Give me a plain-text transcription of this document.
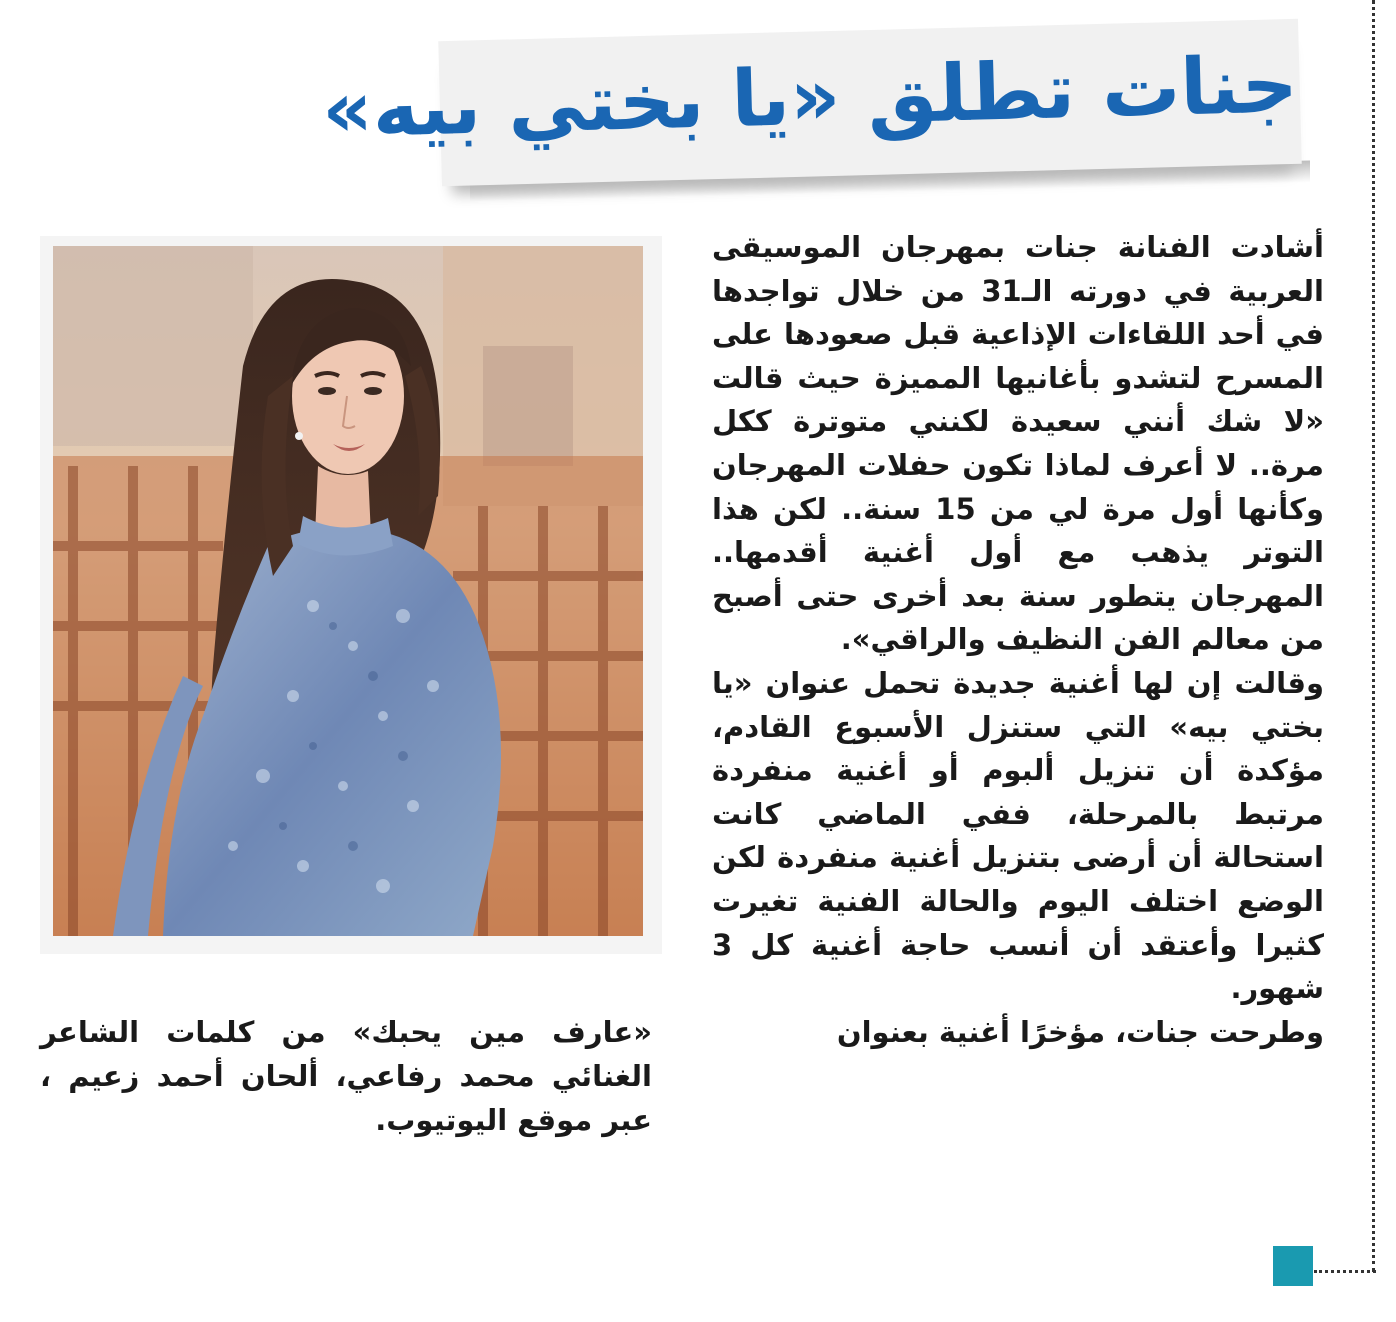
جنات تطلق «يا بختي بيه»

أشادت الفنانة جنات بمهرجان الموسيقى العربية في دورته الـ31 من خلال تواجدها في أحد اللقاءات الإذاعية قبل صعودها على المسرح لتشدو بأغانيها المميزة حيث قالت «لا شك أنني سعيدة لكنني متوترة ككل مرة.. لا أعرف لماذا تكون حفلات المهرجان وكأنها أول مرة لي من 15 سنة.. لكن هذا التوتر يذهب مع أول أغنية أقدمها.. المهرجان يتطور سنة بعد أخرى حتى أصبح من معالم الفن النظيف والراقي».

وقالت إن لها أغنية جديدة تحمل عنوان «يا بختي بيه» التي ستنزل الأسبوع القادم، مؤكدة أن تنزيل ألبوم أو أغنية منفردة مرتبط بالمرحلة، ففي الماضي كانت استحالة أن أرضى بتنزيل أغنية منفردة لكن الوضع اختلف اليوم والحالة الفنية تغيرت كثيرا وأعتقد أن أنسب حاجة أغنية كل 3 شهور.

وطرحت جنات، مؤخرًا أغنية بعنوان

«عارف مين يحبك» من كلمات الشاعر الغنائي محمد رفاعي، ألحان أحمد زعيم ، عبر موقع اليوتيوب.
